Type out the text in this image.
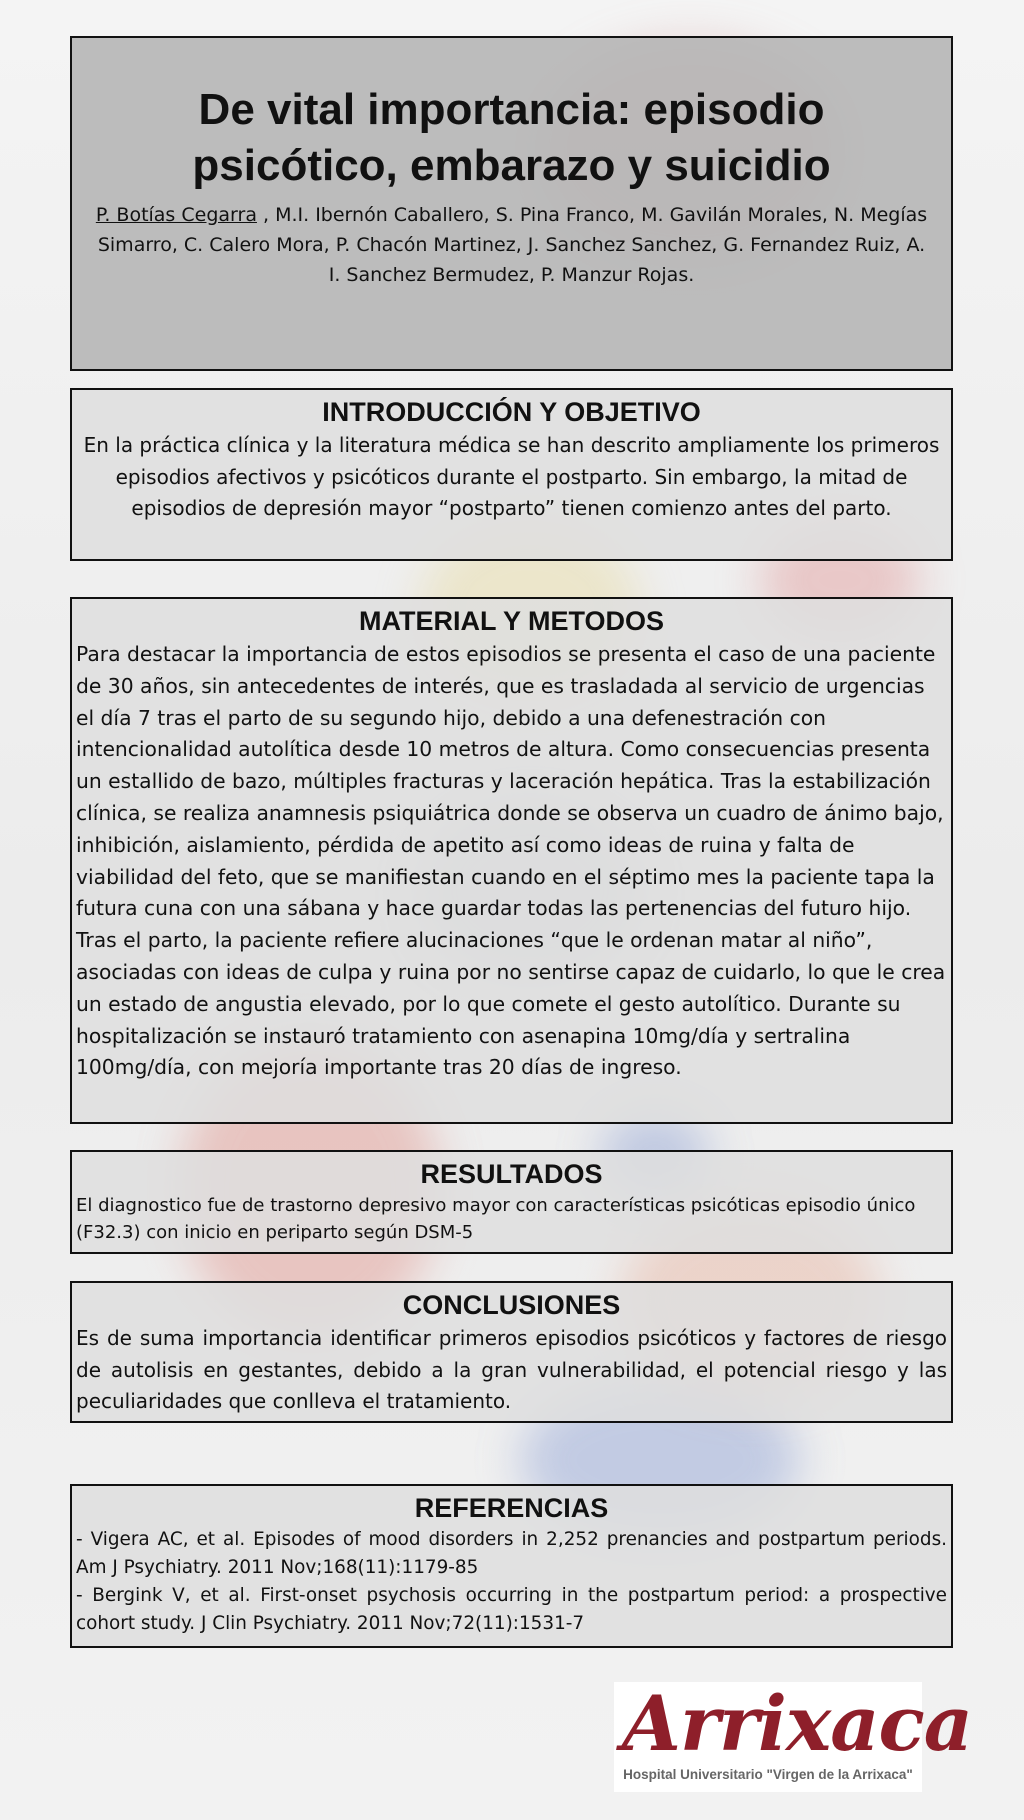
De vital importancia: episodio
psicótico, embarazo y suicidio

P. Botías Cegarra , M.I. Ibernón Caballero, S. Pina Franco, M. Gavilán Morales, N. Megías Simarro, C. Calero Mora, P. Chacón Martinez, J. Sanchez Sanchez, G. Fernandez Ruiz, A. I. Sanchez Bermudez, P. Manzur Rojas.

INTRODUCCIÓN Y OBJETIVO

En la práctica clínica y la literatura médica se han descrito ampliamente los primeros episodios afectivos y psicóticos durante el postparto. Sin embargo, la mitad de episodios de depresión mayor “postparto” tienen comienzo antes del parto.

MATERIAL Y METODOS

Para destacar la importancia de estos episodios se presenta el caso de una paciente de 30 años, sin antecedentes de interés, que es trasladada al servicio de urgencias el día 7 tras el parto de su segundo hijo, debido a una defenestración con intencionalidad autolítica desde 10 metros de altura. Como consecuencias presenta un estallido de bazo, múltiples fracturas y laceración hepática. Tras la estabilización clínica, se realiza anamnesis psiquiátrica donde se observa un cuadro de ánimo bajo, inhibición, aislamiento, pérdida de apetito así como ideas de ruina y falta de viabilidad del feto, que se manifiestan cuando en el séptimo mes la paciente tapa la futura cuna con una sábana y hace guardar todas las pertenencias del futuro hijo. Tras el parto, la paciente refiere alucinaciones “que le ordenan matar al niño”, asociadas con ideas de culpa y ruina por no sentirse capaz de cuidarlo, lo que le crea un estado de angustia elevado, por lo que comete el gesto autolítico. Durante su hospitalización se instauró tratamiento con asenapina 10mg/día y sertralina 100mg/día, con mejoría importante tras 20 días de ingreso.

RESULTADOS

El diagnostico fue de trastorno depresivo mayor con características psicóticas episodio único (F32.3) con inicio en periparto según DSM-5

CONCLUSIONES

Es de suma importancia identificar primeros episodios psicóticos y factores de riesgo de autolisis en gestantes, debido a la gran vulnerabilidad, el potencial riesgo y las peculiaridades que conlleva el tratamiento.

REFERENCIAS

- Vigera AC, et al. Episodes of mood disorders in 2,252 prenancies and postpartum periods. Am J Psychiatry. 2011 Nov;168(11):1179-85
- Bergink V, et al. First-onset psychosis occurring in the postpartum period: a prospective cohort study. J Clin Psychiatry. 2011 Nov;72(11):1531-7

Arrixaca
Hospital Universitario "Virgen de la Arrixaca"
